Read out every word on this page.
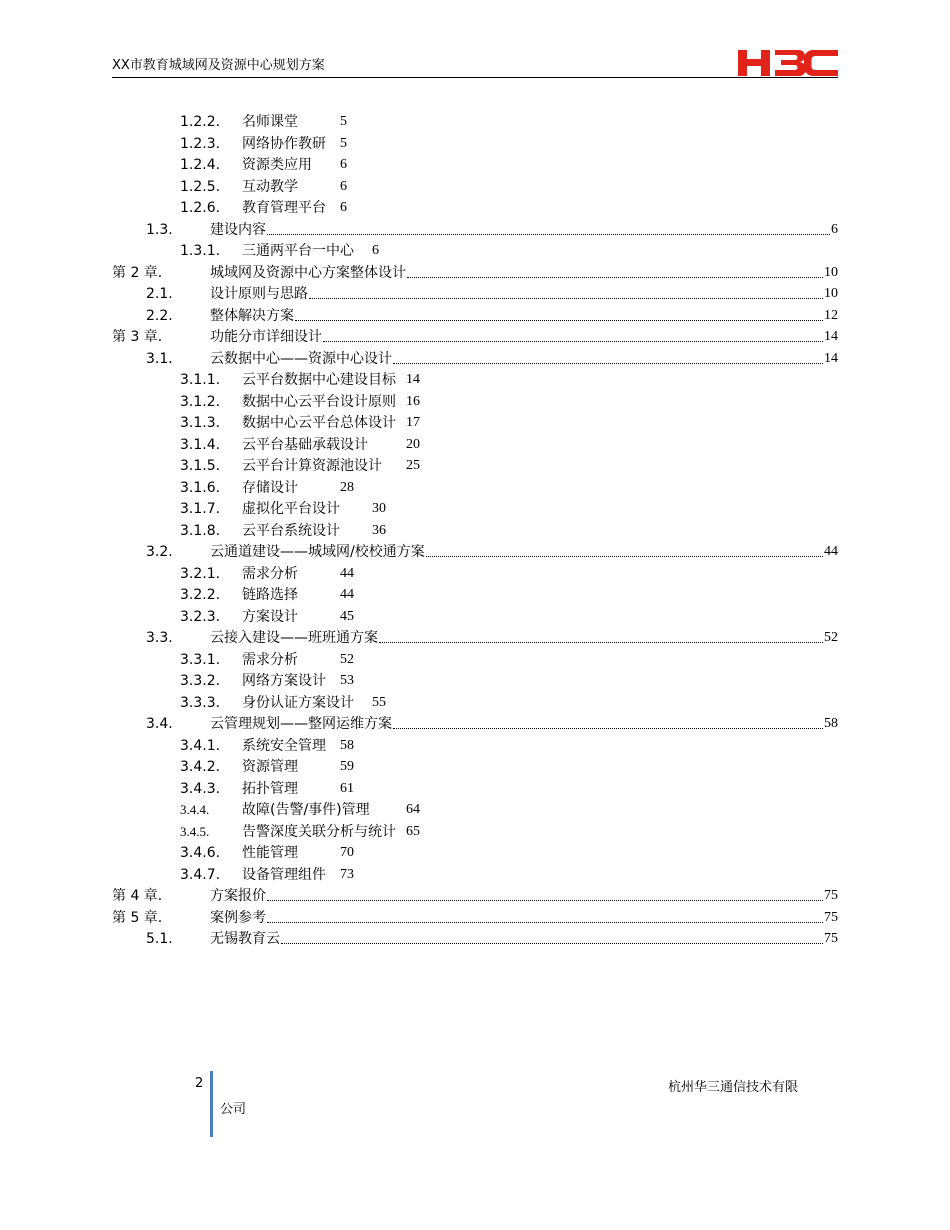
XX市教育城域网及资源中心规划方案
1.2.2. 名师课堂	5
1.2.3. 网络协作教研 5
1.2.4. 资源类应用 6
1.2.5. 互动教学	6
1.2.6. 教育管理平台 6
1.3.	建设内容	6
1.3.1. 三通两平台一中心 6
第 2 章.	城域网及资源中心方案整体设计	10
2.1.	设计原则与思路	10
2.2.	整体解决方案	12
第 3 章.	功能分市详细设计	14
3.1.	云数据中心——资源中心设计	14
3.1.1. 云平台数据中心建设目标 14
3.1.2. 数据中心云平台设计原则 16
3.1.3. 数据中心云平台总体设计 17
3.1.4. 云平台基础承载设计	20
3.1.5. 云平台计算资源池设计 25
3.1.6. 存储设计	28
3.1.7. 虚拟化平台设计 30
3.1.8. 云平台系统设计 36
3.2.	云通道建设——城域网/校校通方案	44
3.2.1. 需求分析	44
3.2.2. 链路选择	44
3.2.3. 方案设计	45
3.3.	云接入建设——班班通方案	52
3.3.1. 需求分析	52
3.3.2. 网络方案设计 53
3.3.3. 身份认证方案设计 55
3.4.	云管理规划——整网运维方案	58
3.4.1. 系统安全管理 58
3.4.2. 资源管理	59
3.4.3. 拓扑管理	61
3.4.4. 故障(告警/事件)管理	64
3.4.5. 告警深度关联分析与统计 65
3.4.6. 性能管理	70
3.4.7. 设备管理组件 73
第 4 章.	方案报价	75
第 5 章.	案例参考	75
5.1.	无锡教育云	75
2	杭州华三通信技术有限
公司
